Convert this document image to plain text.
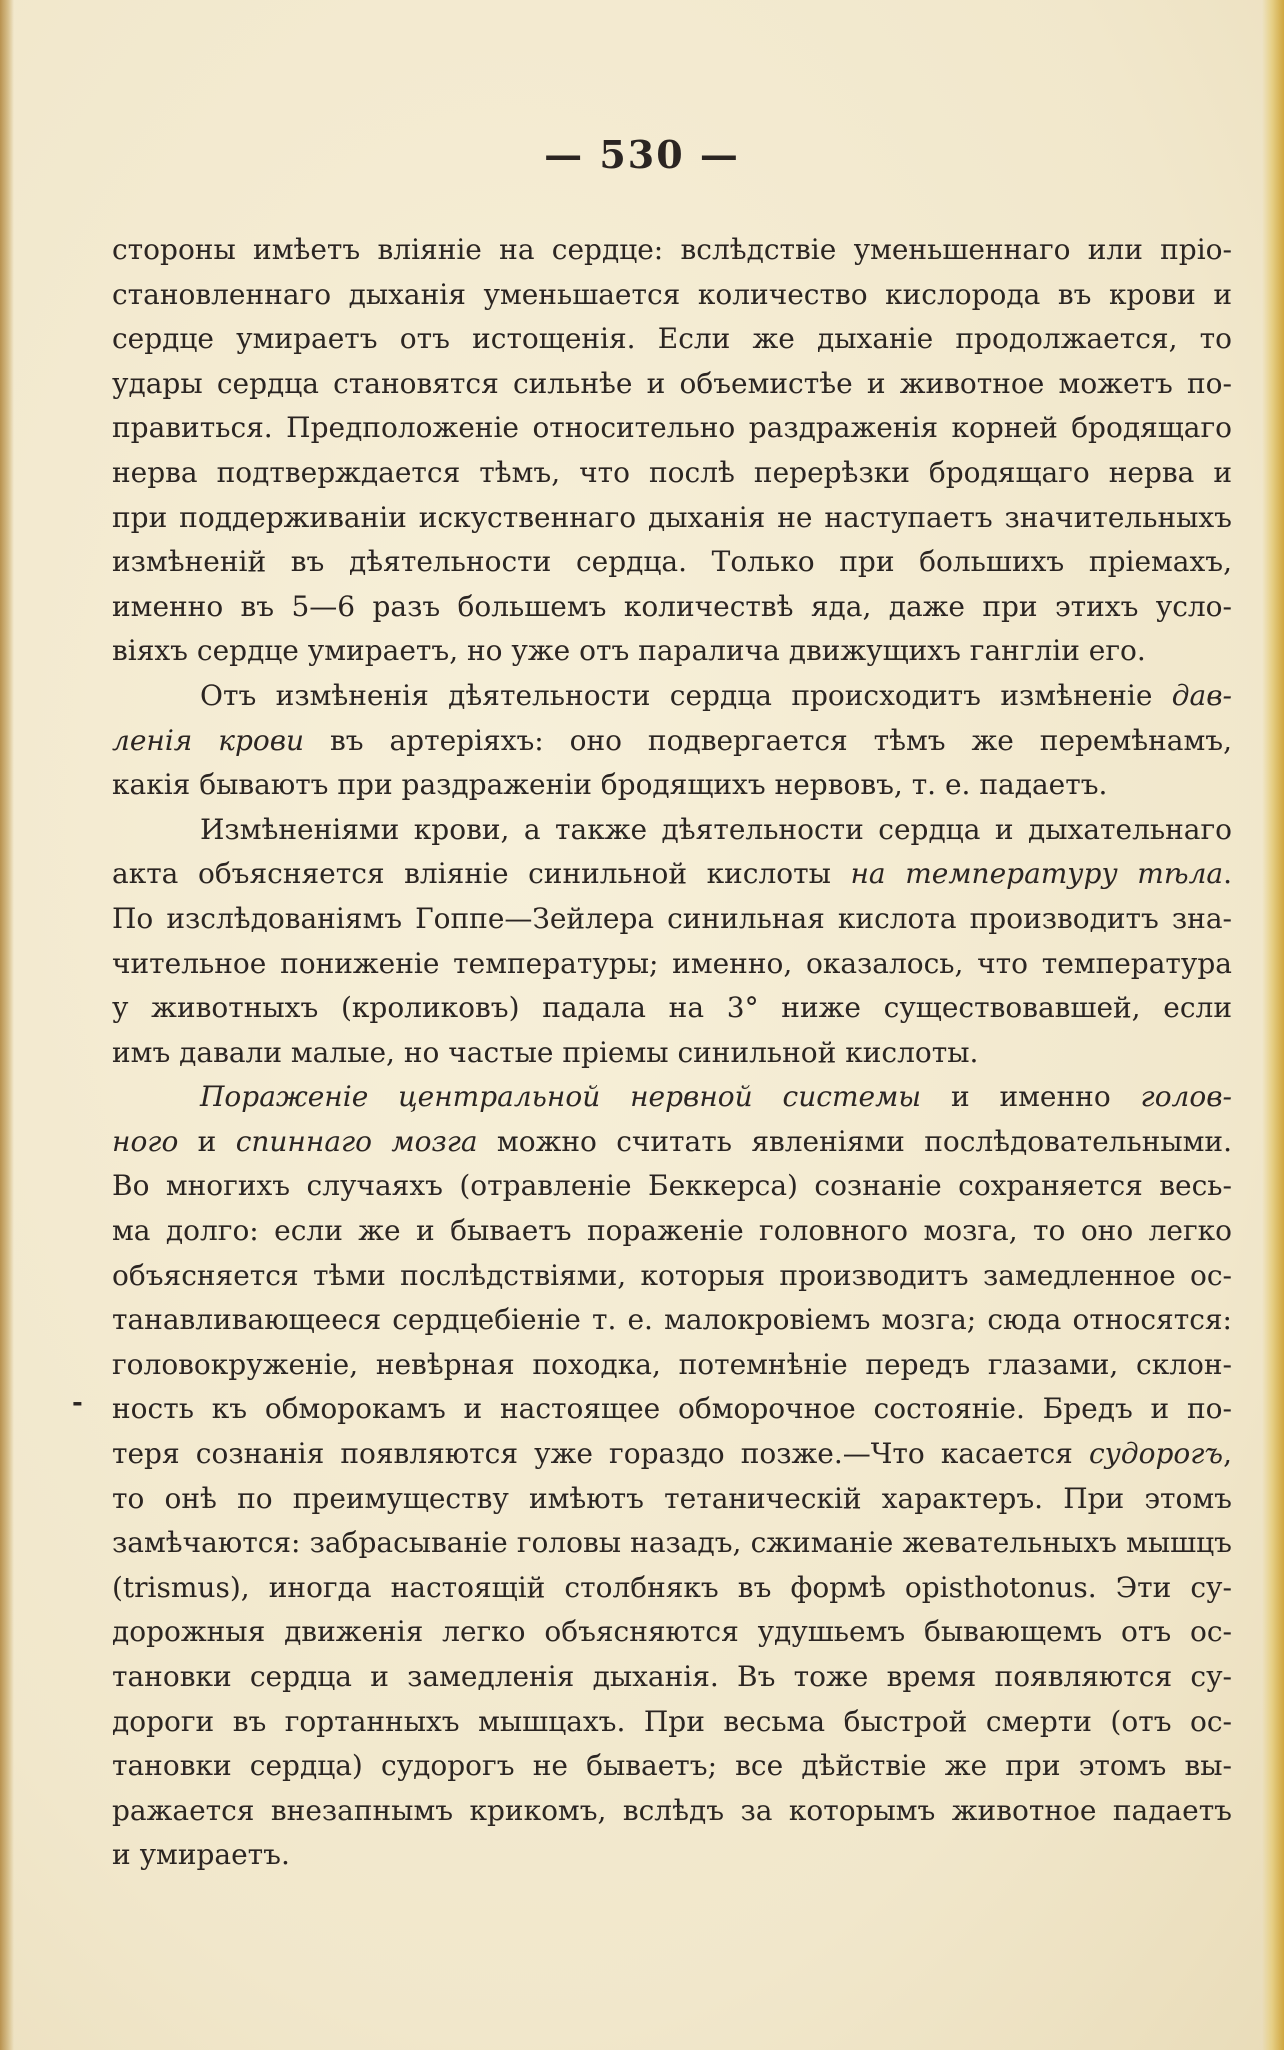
— 530 —
-
стороны имѣетъ вліяніе на сердце: вслѣдствіе уменьшеннаго или пріо-
становленнаго дыханія уменьшается количество кислорода въ крови и
сердце умираетъ отъ истощенія. Если же дыханіе продолжается, то
удары сердца становятся сильнѣе и объемистѣе и животное можетъ по-
правиться. Предположеніе относительно раздраженія корней бродящаго
нерва подтверждается тѣмъ, что послѣ перерѣзки бродящаго нерва и
при поддерживаніи искуственнаго дыханія не наступаетъ значительныхъ
измѣненій въ дѣятельности сердца. Только при большихъ пріемахъ,
именно въ 5—6 разъ большемъ количествѣ яда, даже при этихъ усло-
віяхъ сердце умираетъ, но уже отъ паралича движущихъ гангліи его.
Отъ измѣненія дѣятельности сердца происходитъ измѣненіе дав-
ленія крови въ артеріяхъ: оно подвергается тѣмъ же перемѣнамъ,
какія бываютъ при раздраженіи бродящихъ нервовъ, т. е. падаетъ.
Измѣненіями крови, а также дѣятельности сердца и дыхательнаго
акта объясняется вліяніе синильной кислоты на температуру тѣла.
По изслѣдованіямъ Гоппе—Зейлера синильная кислота производитъ зна-
чительное пониженіе температуры; именно, оказалось, что температура
у животныхъ (кроликовъ) падала на 3° ниже существовавшей, если
имъ давали малые, но частые пріемы синильной кислоты.
Пораженіе центральной нервной системы и именно голов-
ного и спиннаго мозга можно считать явленіями послѣдовательными.
Во многихъ случаяхъ (отравленіе Беккерса) сознаніе сохраняется весь-
ма долго: если же и бываетъ пораженіе головного мозга, то оно легко
объясняется тѣми послѣдствіями, которыя производитъ замедленное ос-
танавливающееся сердцебіеніе т. е. малокровіемъ мозга; сюда относятся:
головокруженіе, невѣрная походка, потемнѣніе передъ глазами, склон-
ность къ обморокамъ и настоящее обморочное состояніе. Бредъ и по-
теря сознанія появляются уже гораздо позже.—Что касается судорогъ,
то онѣ по преимуществу имѣютъ тетаническій характеръ. При этомъ
замѣчаются: забрасываніе головы назадъ, сжиманіе жевательныхъ мышцъ
(trismus), иногда настоящій столбнякъ въ формѣ opisthotonus. Эти су-
дорожныя движенія легко объясняются удушьемъ бывающемъ отъ ос-
тановки сердца и замедленія дыханія. Въ тоже время появляются су-
дороги въ гортанныхъ мышцахъ. При весьма быстрой смерти (отъ ос-
тановки сердца) судорогъ не бываетъ; все дѣйствіе же при этомъ вы-
ражается внезапнымъ крикомъ, вслѣдъ за которымъ животное падаетъ
и умираетъ.
